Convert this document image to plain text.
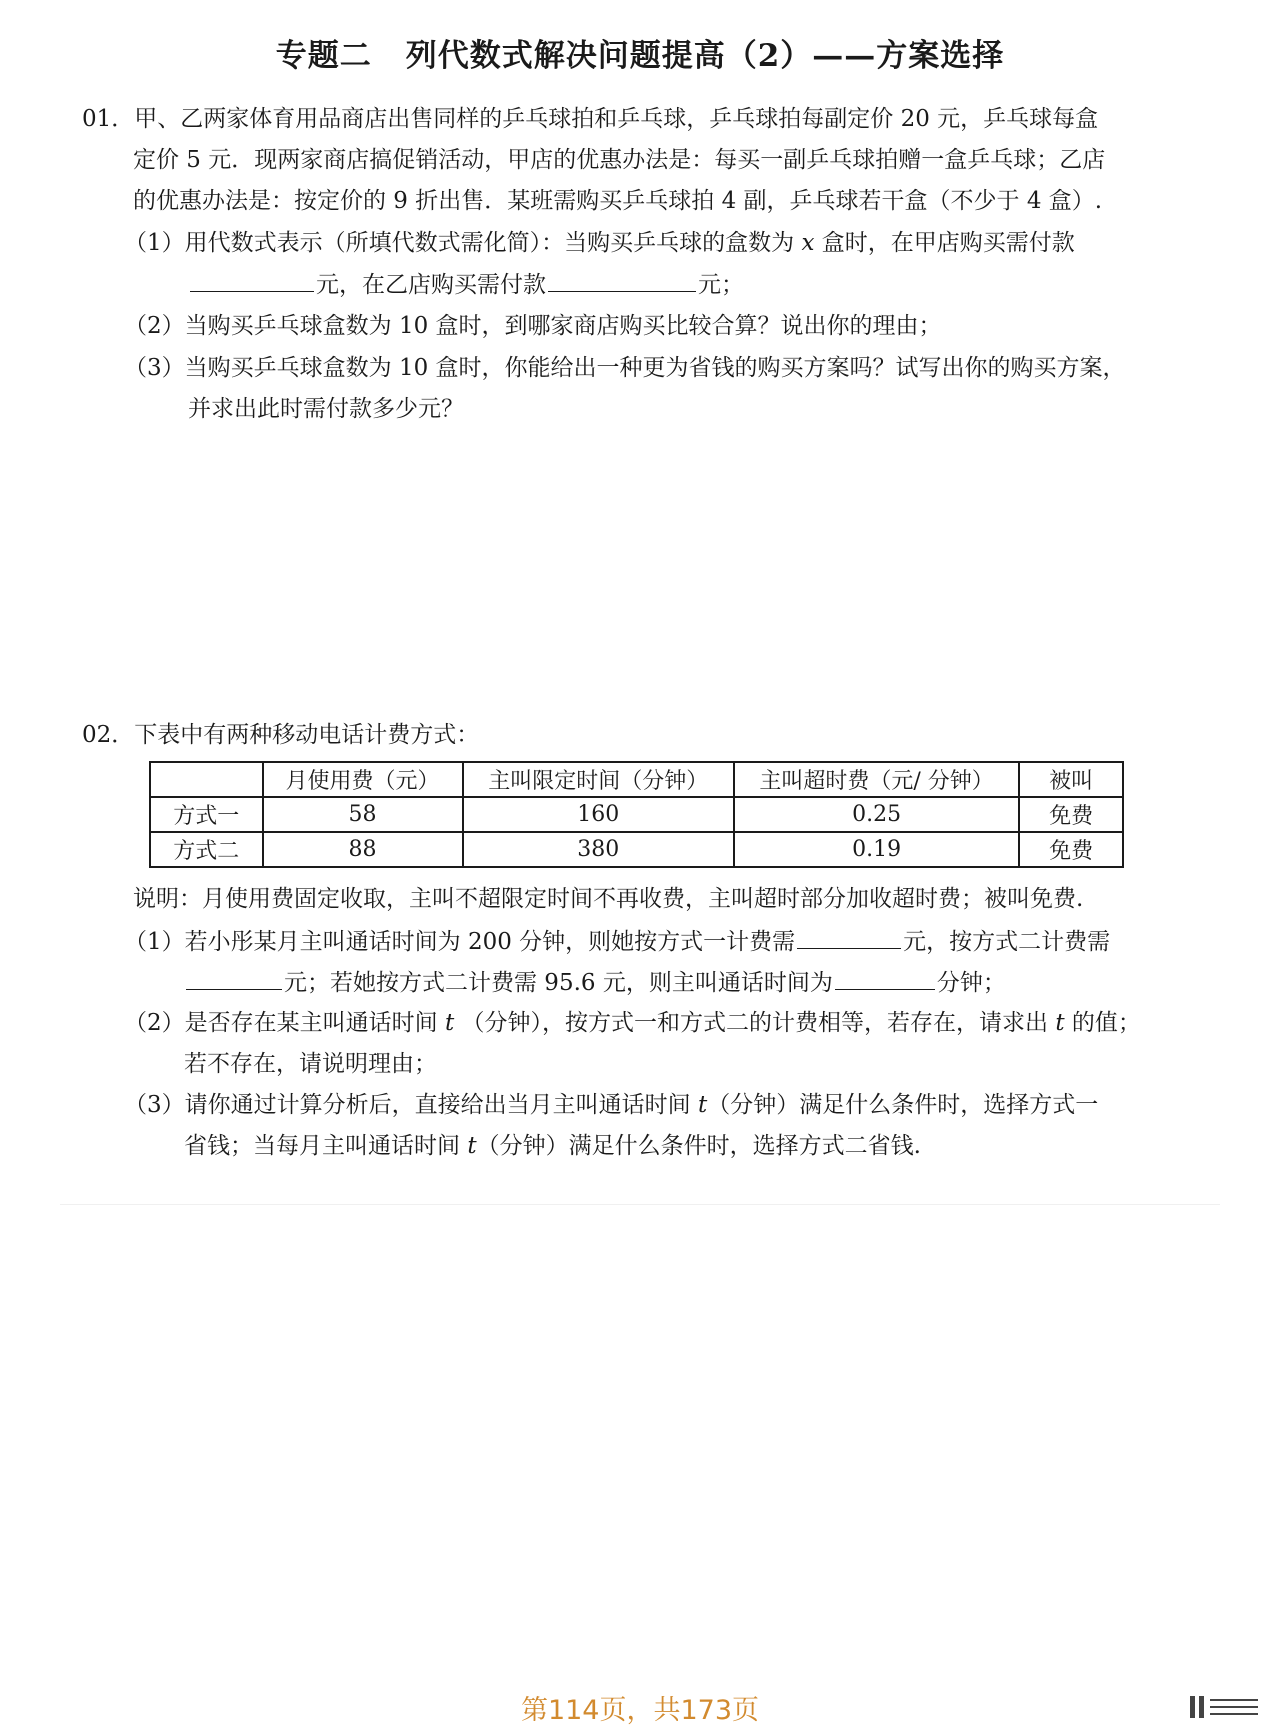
专题二 列代数式解决问题提高（2）——方案选择
01．甲、乙两家体育用品商店出售同样的乒乓球拍和乒乓球，乒乓球拍每副定价 20 元，乒乓球每盒
定价 5 元．现两家商店搞促销活动，甲店的优惠办法是：每买一副乒乓球拍赠一盒乒乓球；乙店
的优惠办法是：按定价的 9 折出售．某班需购买乒乓球拍 4 副，乒乓球若干盒（不少于 4 盒）.
（1）用代数式表示（所填代数式需化简）：当购买乒乓球的盒数为 x 盒时，在甲店购买需付款
元，在乙店购买需付款	元；
（2）当购买乒乓球盒数为 10 盒时，到哪家商店购买比较合算？说出你的理由；
（3）当购买乒乓球盒数为 10 盒时，你能给出一种更为省钱的购买方案吗？试写出你的购买方案，
并求出此时需付款多少元？
02．下表中有两种移动电话计费方式：
	月使用费（元）	主叫限定时间（分钟）	主叫超时费（元/ 分钟）	被叫
方式一	58	160	0.25	免费
方式二	88	380	0.19	免费
说明：月使用费固定收取，主叫不超限定时间不再收费，主叫超时部分加收超时费；被叫免费.
（1）若小彤某月主叫通话时间为 200 分钟，则她按方式一计费需	元，按方式二计费需
元；若她按方式二计费需 95.6 元，则主叫通话时间为	分钟；
（2）是否存在某主叫通话时间 t （分钟），按方式一和方式二的计费相等，若存在，请求出 t 的值；
若不存在，请说明理由；
（3）请你通过计算分析后，直接给出当月主叫通话时间 t（分钟）满足什么条件时，选择方式一
省钱；当每月主叫通话时间 t（分钟）满足什么条件时，选择方式二省钱.
第114页，共173页
